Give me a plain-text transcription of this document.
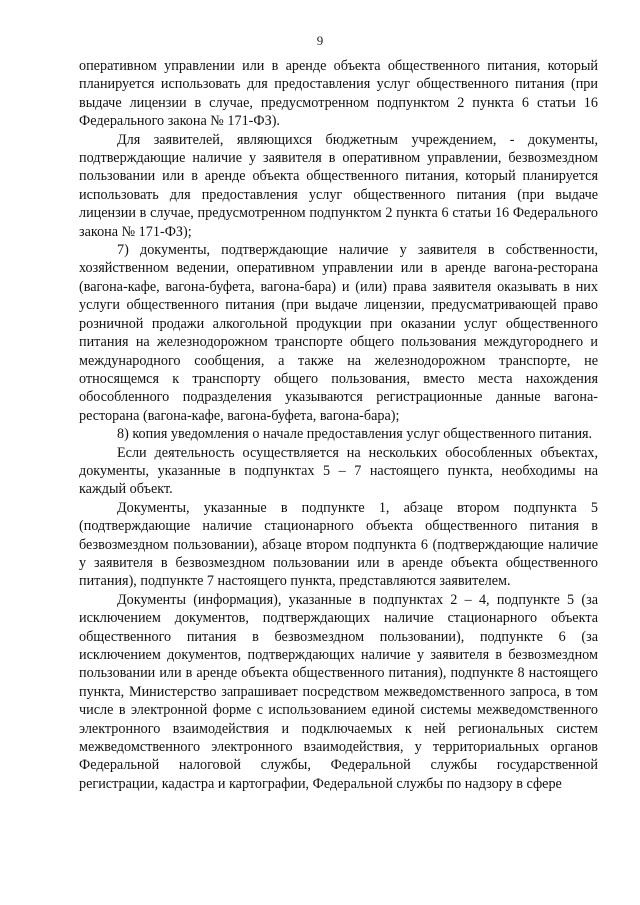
9

оперативном управлении или в аренде объекта общественного питания, который планируется использовать для предоставления услуг общественного питания (при выдаче лицензии в случае, предусмотренном подпунктом 2 пункта 6 статьи 16 Федерального закона № 171-ФЗ).

Для заявителей, являющихся бюджетным учреждением, - документы, подтверждающие наличие у заявителя в оперативном управлении, безвозмездном пользовании или в аренде объекта общественного питания, который планируется использовать для предоставления услуг общественного питания (при выдаче лицензии в случае, предусмотренном подпунктом 2 пункта 6 статьи 16 Федерального закона № 171-ФЗ);

7) документы, подтверждающие наличие у заявителя в собственности, хозяйственном ведении, оперативном управлении или в аренде вагона-ресторана (вагона-кафе, вагона-буфета, вагона-бара) и (или) права заявителя оказывать в них услуги общественного питания (при выдаче лицензии, предусматривающей право розничной продажи алкогольной продукции при оказании услуг общественного питания на железнодорожном транспорте общего пользования междугороднего и международного сообщения, а также на железнодорожном транспорте, не относящемся к транспорту общего пользования, вместо места нахождения обособленного подразделения указываются регистрационные данные вагона-ресторана (вагона-кафе, вагона-буфета, вагона-бара);

8) копия уведомления о начале предоставления услуг общественного питания.

Если деятельность осуществляется на нескольких обособленных объектах, документы, указанные в подпунктах 5 – 7 настоящего пункта, необходимы на каждый объект.

Документы, указанные в подпункте 1, абзаце втором подпункта 5 (подтверждающие наличие стационарного объекта общественного питания в безвозмездном пользовании), абзаце втором подпункта 6 (подтверждающие наличие у заявителя в безвозмездном пользовании или в аренде объекта общественного питания), подпункте 7 настоящего пункта, представляются заявителем.

Документы (информация), указанные в подпунктах 2 – 4, подпункте 5 (за исключением документов, подтверждающих наличие стационарного объекта общественного питания в безвозмездном пользовании), подпункте 6 (за исключением документов, подтверждающих наличие у заявителя в безвозмездном пользовании или в аренде объекта общественного питания), подпункте 8 настоящего пункта, Министерство запрашивает посредством межведомственного запроса, в том числе в электронной форме с использованием единой системы межведомственного электронного взаимодействия и подключаемых к ней региональных систем межведомственного электронного взаимодействия, у территориальных органов Федеральной налоговой службы, Федеральной службы государственной регистрации, кадастра и картографии, Федеральной службы по надзору в сфере
